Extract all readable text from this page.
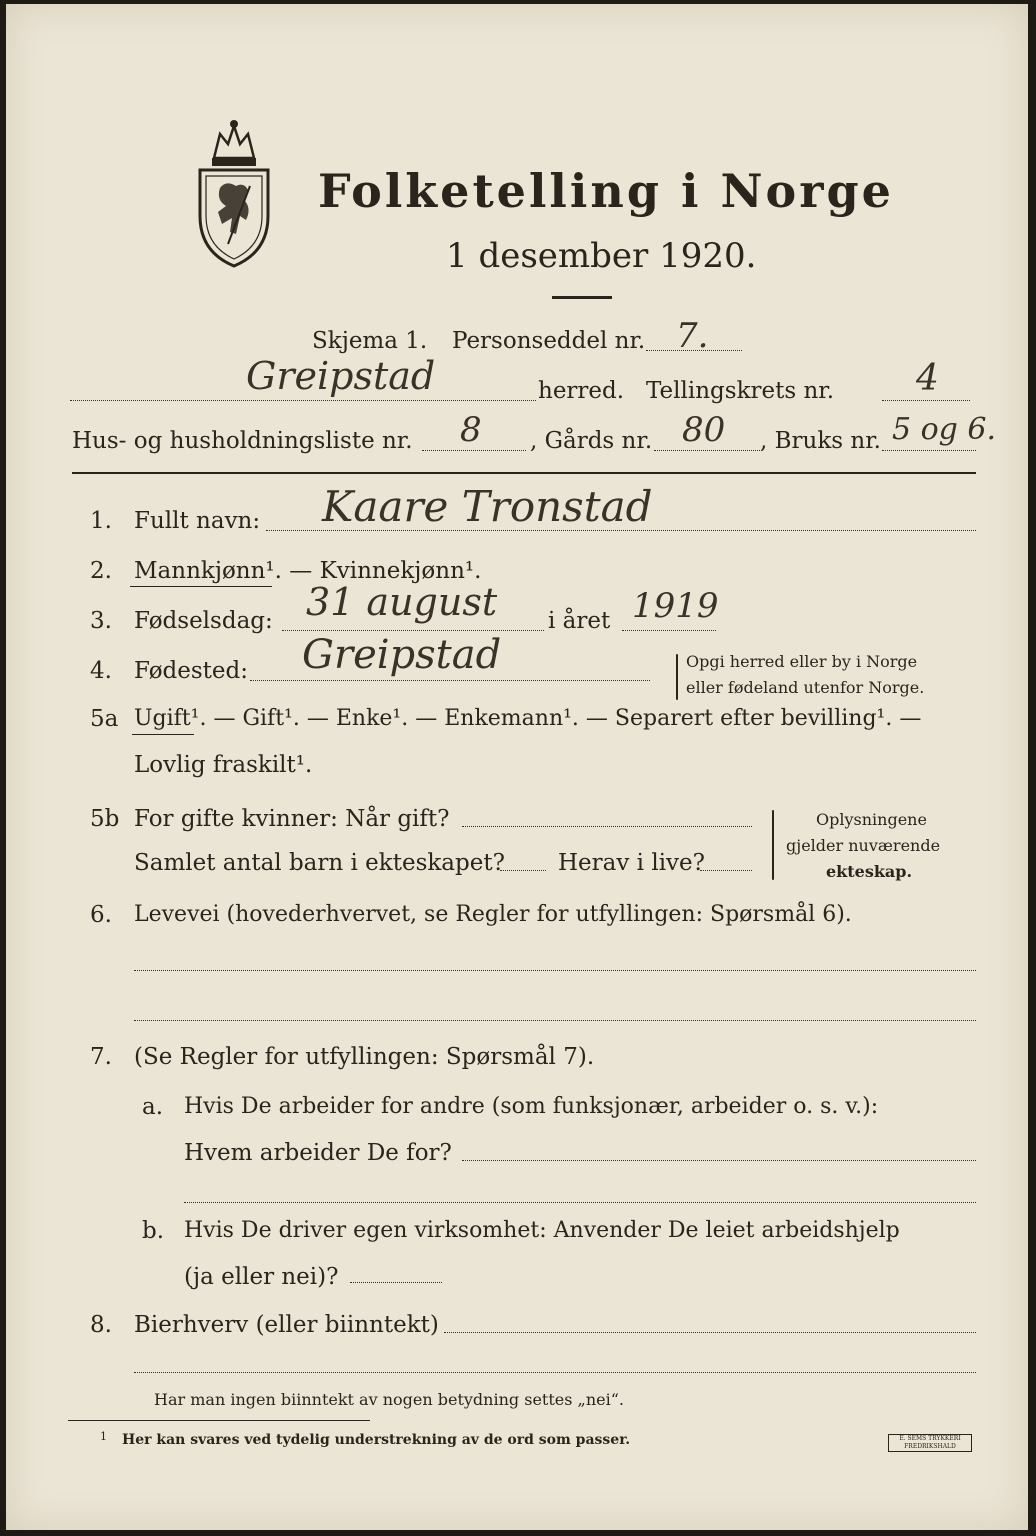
Folketelling i Norge
1 desember 1920.
Skjema 1. Personseddel nr. 7.
Greipstad	herred. Tellingskrets nr. 4
Hus- og husholdningsliste nr. 8 , Gårds nr. 80 , Bruks nr. 5 og 6.
1. Fullt navn: Kaare Tronstad
2. Mannkjønn¹. — Kvinnekjønn¹.
3. Fødselsdag: 31 august i året 1919
4. Fødested: Greipstad	Opgi herred eller by i Norge
eller fødeland utenfor Norge.
5a Ugift¹. — Gift¹. — Enke¹. — Enkemann¹. — Separert efter bevilling¹. —
Lovlig fraskilt¹.
5b For gifte kvinner: Når gift?
Samlet antal barn i ekteskapet? Herav i live?
Oplysningene
gjelder nuværende
ekteskap.
6. Levevei (hovederhvervet, se Regler for utfyllingen: Spørsmål 6).
7. (Se Regler for utfyllingen: Spørsmål 7).
a. Hvis De arbeider for andre (som funksjonær, arbeider o. s. v.):
Hvem arbeider De for?
b. Hvis De driver egen virksomhet: Anvender De leiet arbeidshjelp
(ja eller nei)?
8. Bierhverv (eller biinntekt)
Har man ingen biinntekt av nogen betydning settes „nei“.
1 Her kan svares ved tydelig understrekning av de ord som passer.	E. SEMS TRYKKERI FREDRIKSHALD
